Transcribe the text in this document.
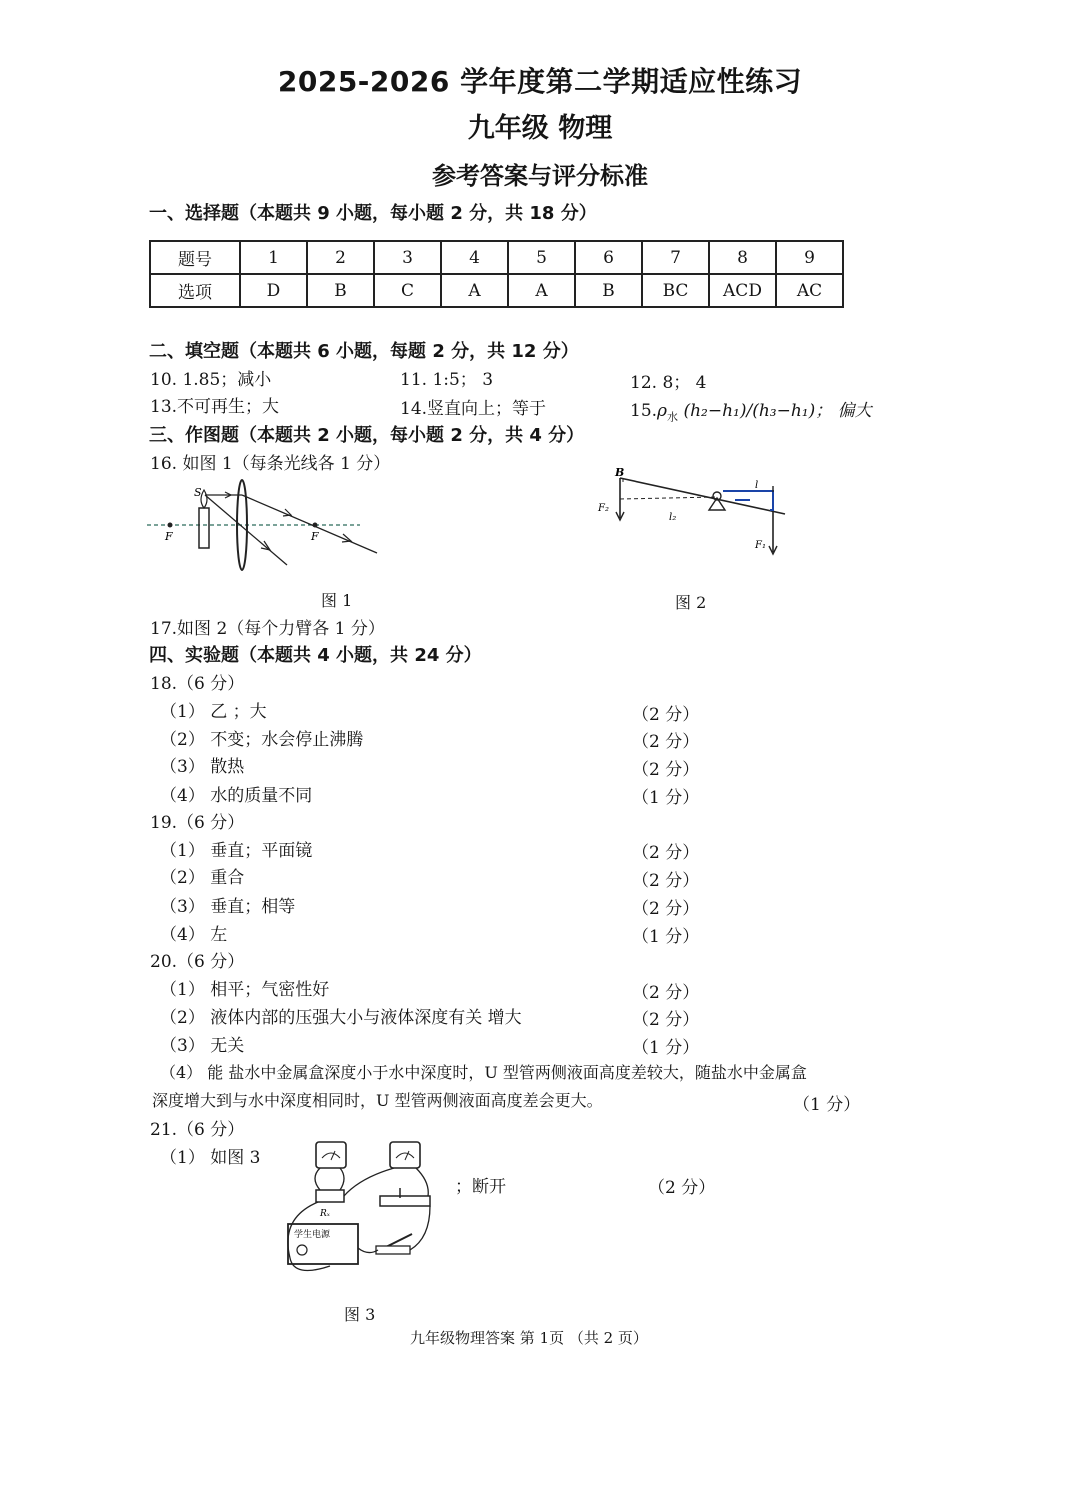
2025-2026 学年度第二学期适应性练习
九年级 物理
参考答案与评分标准
一、选择题（本题共 9 小题，每小题 2 分，共 18 分）
题号	1	2	3	4	5	6	7	8	9
选项	D	B	C	A	A	B	BC	ACD	AC
二、填空题（本题共 6 小题，每题 2 分，共 12 分）
10. 1.85；减小	11. 1:5； 3	12. 8； 4
13.不可再生；大	14.竖直向上；等于	$15.\rho_水$ (h₂−h₁)/(h₃−h₁)； 偏大
三、作图题（本题共 2 小题，每小题 2 分，共 4 分）
16. 如图 1（每条光线各 1 分）
S
F	F
B
F₂
l₂
l
F₁
图 1	图 2
17.如图 2（每个力臂各 1 分）
四、实验题（本题共 4 小题，共 24 分）
18.（6 分）
（1） 乙 ；大	（2 分）
（2） 不变；水会停止沸腾	（2 分）
（3） 散热	（2 分）
（4） 水的质量不同	（1 分）
19.（6 分）
（1） 垂直；平面镜	（2 分）
（2） 重合	（2 分）
（3） 垂直；相等	（2 分）
（4） 左	（1 分）
20.（6 分）
（1） 相平；气密性好	（2 分）
（2） 液体内部的压强大小与液体深度有关 增大	（2 分）
（3） 无关	（1 分）
（4） 能 盐水中金属盒深度小于水中深度时，U 型管两侧液面高度差较大，随盐水中金属盒
深度增大到与水中深度相同时，U 型管两侧液面高度差会更大。	（1 分）
21.（6 分）
（1） 如图 3
；断开	（2 分）
Rₓ
学生电源
图 3
九年级物理答案 第 1页 （共 2 页）
